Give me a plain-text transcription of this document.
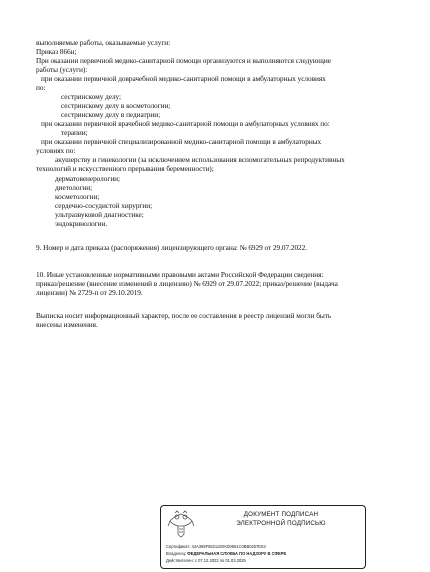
выполняемые работы, оказываемые услуги:
Приказ 866н;
При оказании первичной медико-санитарной помощи организуются и выполняются следующие
работы (услуги):
при оказании первичной доврачебной медико-санитарной помощи в амбулаторных условиях
по:
сестринскому делу;
сестринскому делу в косметологии;
сестринскому делу в педиатрии;
при оказании первичной врачебной медико-санитарной помощи в амбулаторных условиях по:
терапии;
при оказании первичной специализированной медико-санитарной помощи в амбулаторных
условиях по:
акушерству и гинекологии (за исключением использования вспомогательных репродуктивных
технологий и искусственного прерывания беременности);
дерматовенерологии;
диетологии;
косметологии;
сердечно-сосудистой хирургии;
ультразвуковой диагностике;
эндокринологии.
9. Номер и дата приказа (распоряжения) лицензирующего органа: № 6929 от 29.07.2022.
10. Иные установленные нормативными правовыми актами Российской Федерации сведения:
приказ/решение (внесение изменений в лицензию) № 6929 от 29.07.2022; приказ/решение (выдача
лицензии) № 2729-п от 29.10.2019.
Выписка носит информационный характер, после ее составления в реестр лицензий могли быть
внесены изменения.
ДОКУМЕНТ ПОДПИСАН
ЭЛЕКТРОННОЙ ПОДПИСЬЮ
Сертификат: 44A369F5521108AD0861C0BB0257E03
Владелец: ФЕДЕРАЛЬНАЯ СЛУЖБА ПО НАДЗОРУ В СФЕРЕ
Действителен: с 07.12.2023 по 01.03.2025
